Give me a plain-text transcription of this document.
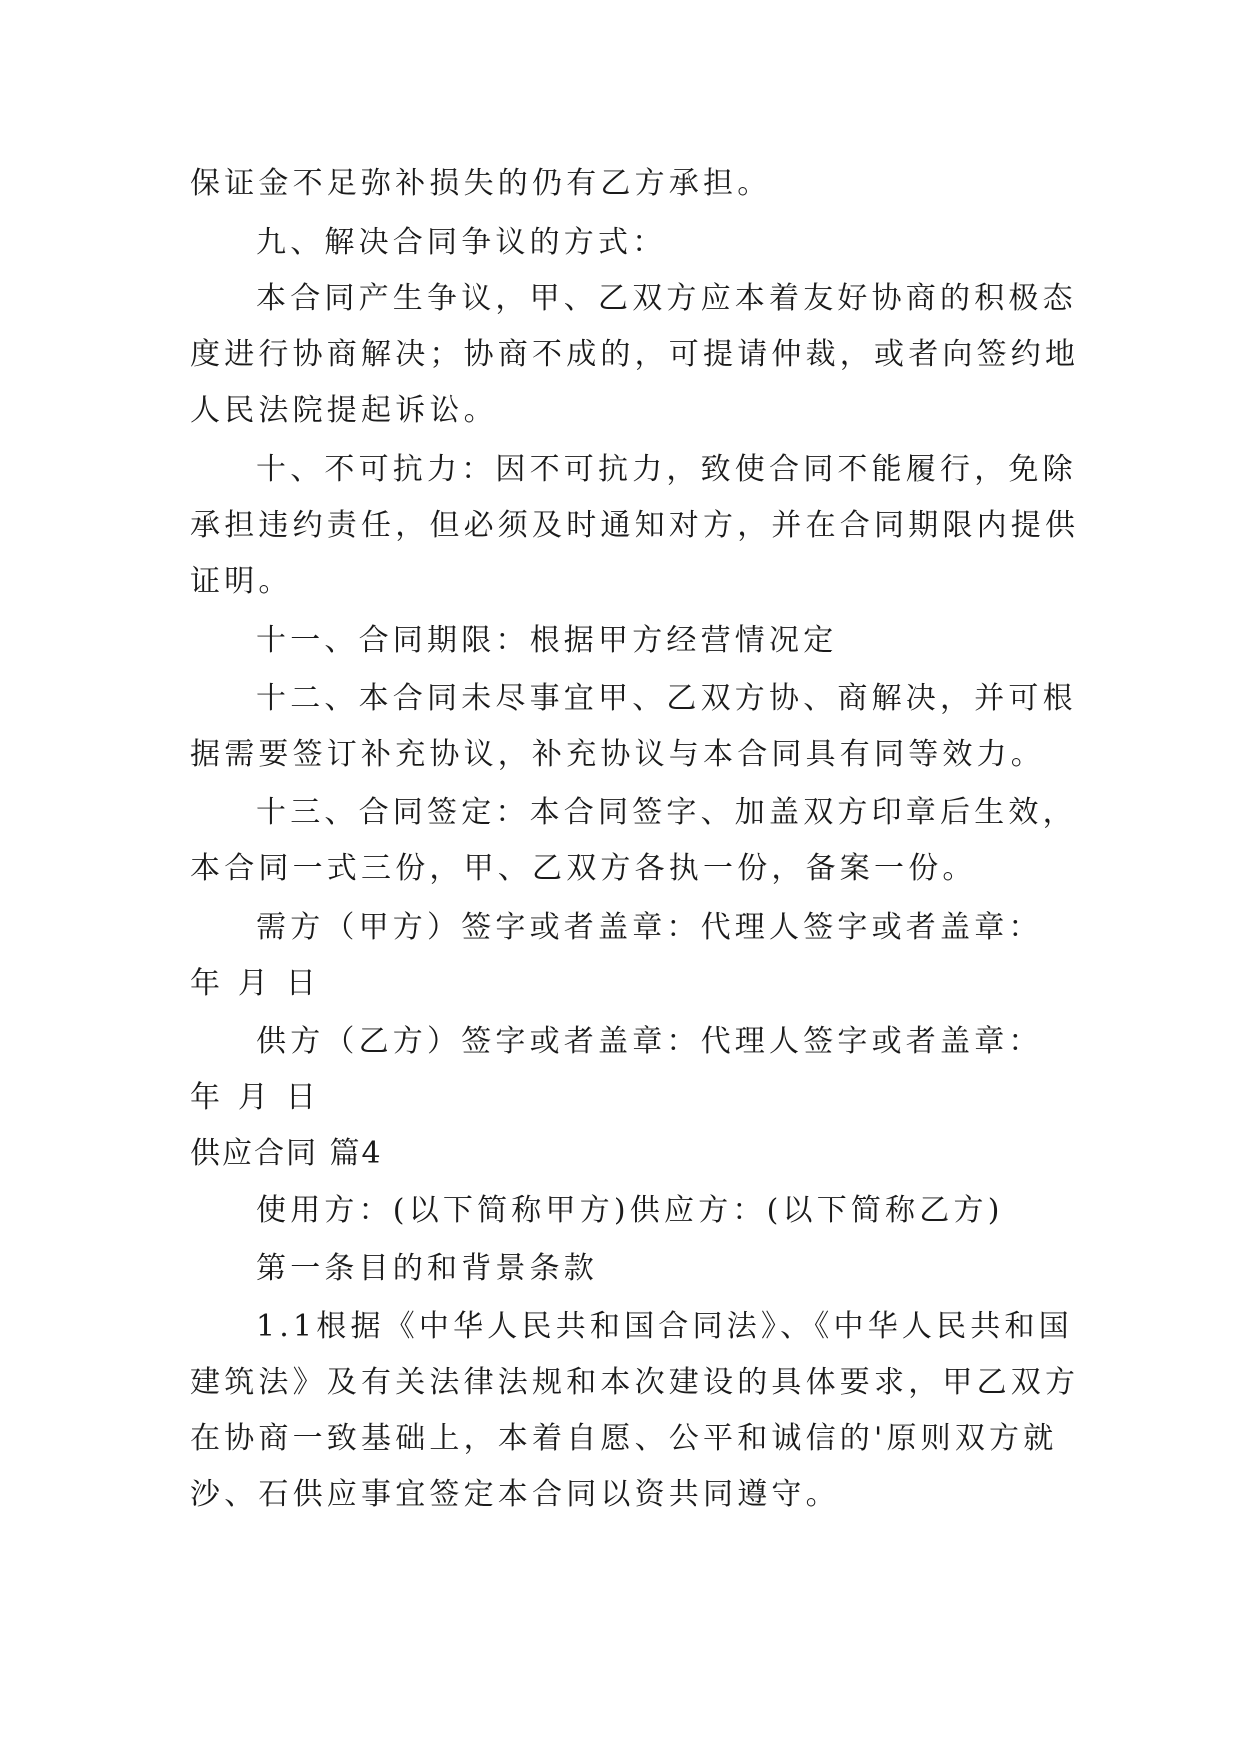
保证金不足弥补损失的仍有乙方承担。
九、解决合同争议的方式：
本合同产生争议，甲、乙双方应本着友好协商的积极态
度进行协商解决；协商不成的，可提请仲裁，或者向签约地
人民法院提起诉讼。
十、不可抗力：因不可抗力，致使合同不能履行，免除
承担违约责任，但必须及时通知对方，并在合同期限内提供
证明。
十一、合同期限：根据甲方经营情况定
十二、本合同未尽事宜甲、乙双方协、商解决，并可根
据需要签订补充协议，补充协议与本合同具有同等效力。
十三、合同签定：本合同签字、加盖双方印章后生效，
本合同一式三份，甲、乙双方各执一份，备案一份。
需方（甲方）签字或者盖章：代理人签字或者盖章：
年 月 日
供方（乙方）签字或者盖章：代理人签字或者盖章：
年 月 日
供应合同 篇4
使用方：(以下简称甲方)供应方：(以下简称乙方)
第一条目的和背景条款
1.1根据《中华人民共和国合同法》、《中华人民共和国
建筑法》及有关法律法规和本次建设的具体要求，甲乙双方
在协商一致基础上，本着自愿、公平和诚信的'原则双方就
沙、石供应事宜签定本合同以资共同遵守。
